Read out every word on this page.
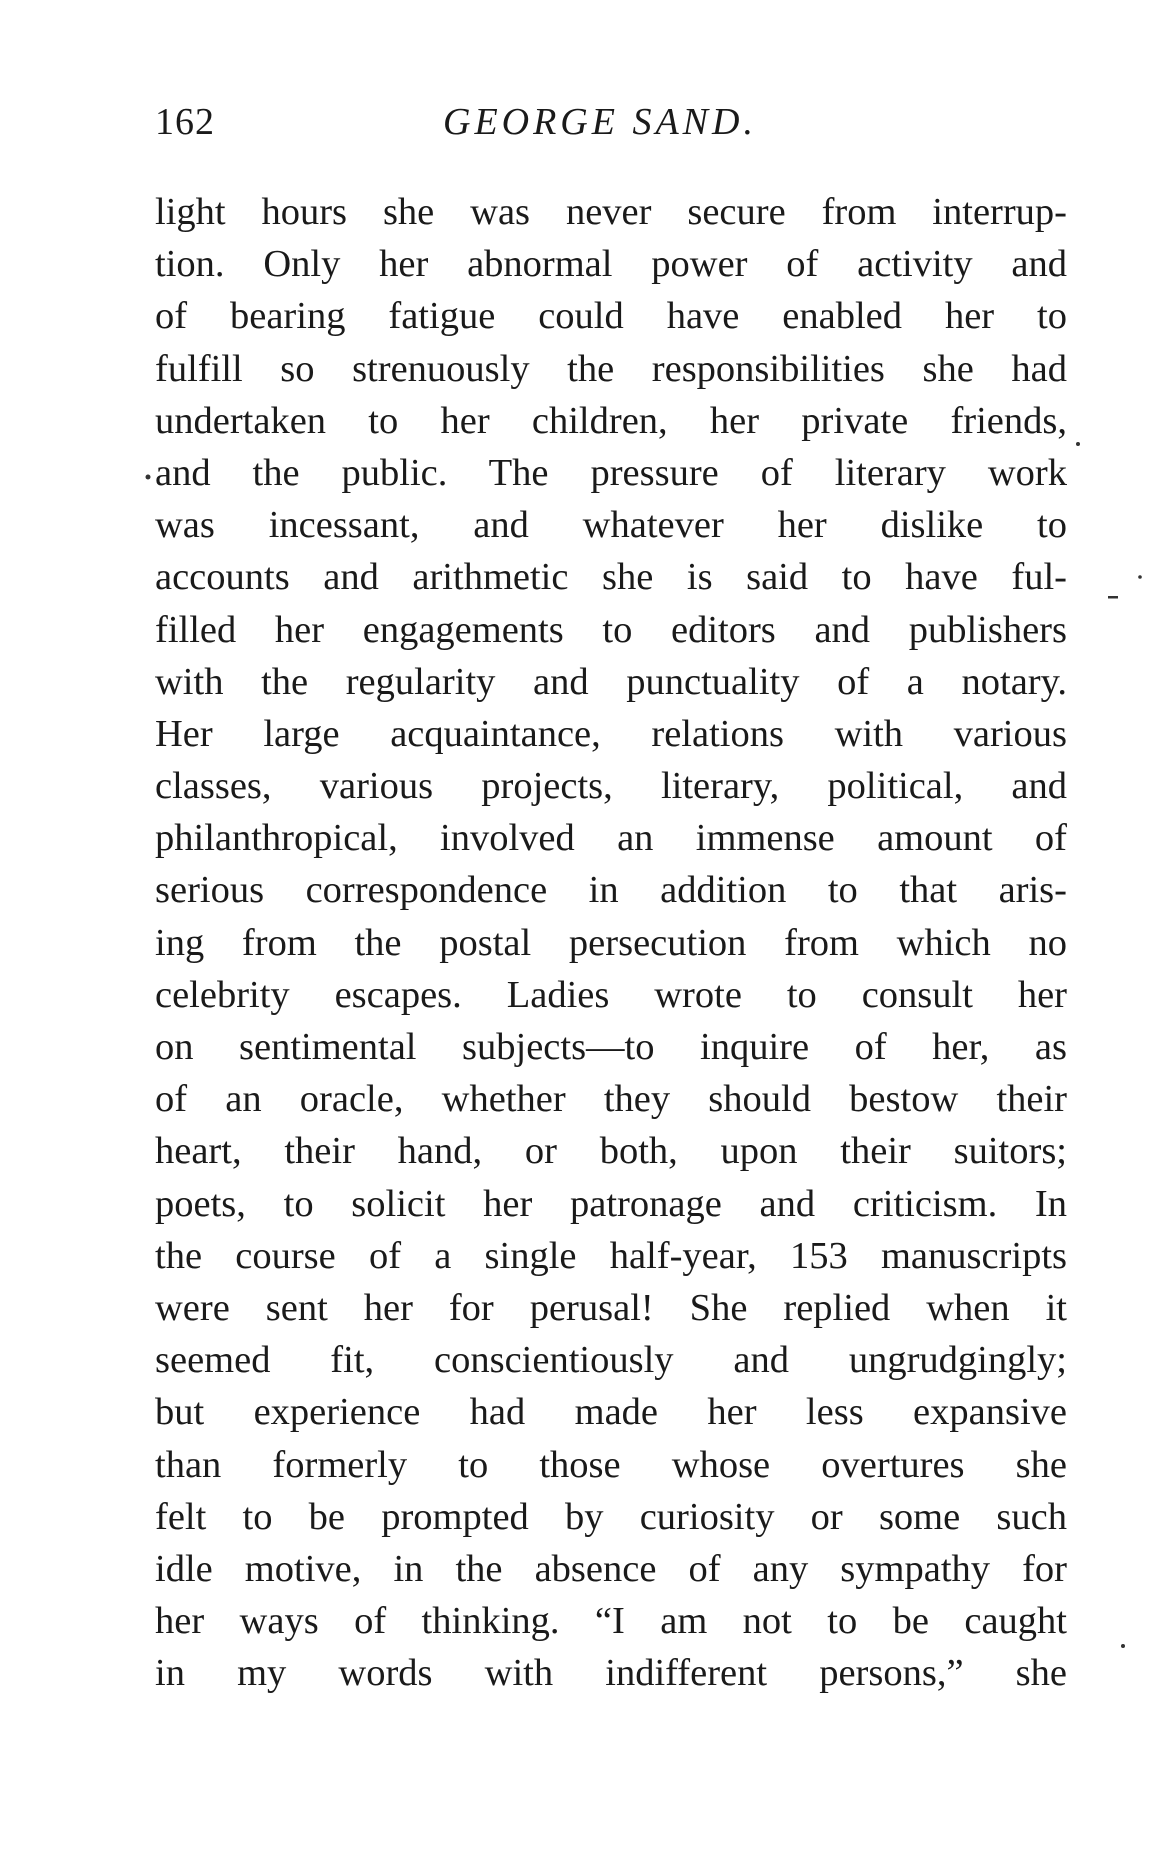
162	GEORGE SAND.
light hours she was never secure from interrup-
tion. Only her abnormal power of activity and
of bearing fatigue could have enabled her to
fulfill so strenuously the responsibilities she had
undertaken to her children, her private friends,
and the public. The pressure of literary work
was incessant, and whatever her dislike to
accounts and arithmetic she is said to have ful-
filled her engagements to editors and publishers
with the regularity and punctuality of a notary.
Her large acquaintance, relations with various
classes, various projects, literary, political, and
philanthropical, involved an immense amount of
serious correspondence in addition to that aris-
ing from the postal persecution from which no
celebrity escapes. Ladies wrote to consult her
on sentimental subjects—to inquire of her, as
of an oracle, whether they should bestow their
heart, their hand, or both, upon their suitors;
poets, to solicit her patronage and criticism. In
the course of a single half-year, 153 manuscripts
were sent her for perusal! She replied when it
seemed fit, conscientiously and ungrudgingly;
but experience had made her less expansive
than formerly to those whose overtures she
felt to be prompted by curiosity or some such
idle motive, in the absence of any sympathy for
her ways of thinking. “I am not to be caught
in my words with indifferent persons,” she
